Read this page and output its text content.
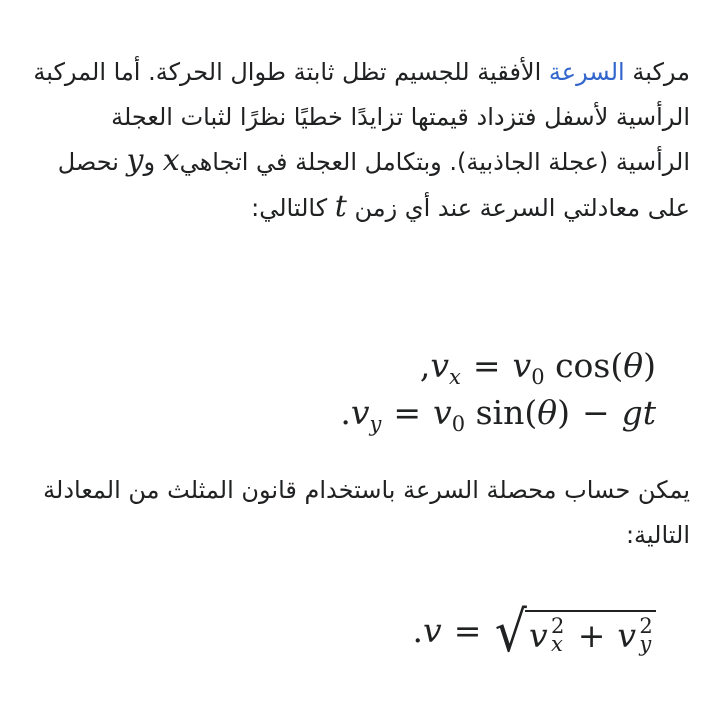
مركبة السرعة الأفقية للجسيم تظل ثابتة طوال الحركة. أما المركبة الرأسية لأسفل فتزداد قيمتها تزايدًا خطيًا نظرًا لثبات العجلة الرأسية (عجلة الجاذبية). وبتكامل العجلة في اتجاهيx وy نحصل على معادلتي السرعة عند أي زمن t كالتالي:

$,v_x = v_0$ cos(θ)
$.v_y = v_0$ sin(θ) − gt

يمكن حساب محصلة السرعة باستخدام قانون المثلث من المعادلة التالية:

.v = √v 2
x + v 2
y
